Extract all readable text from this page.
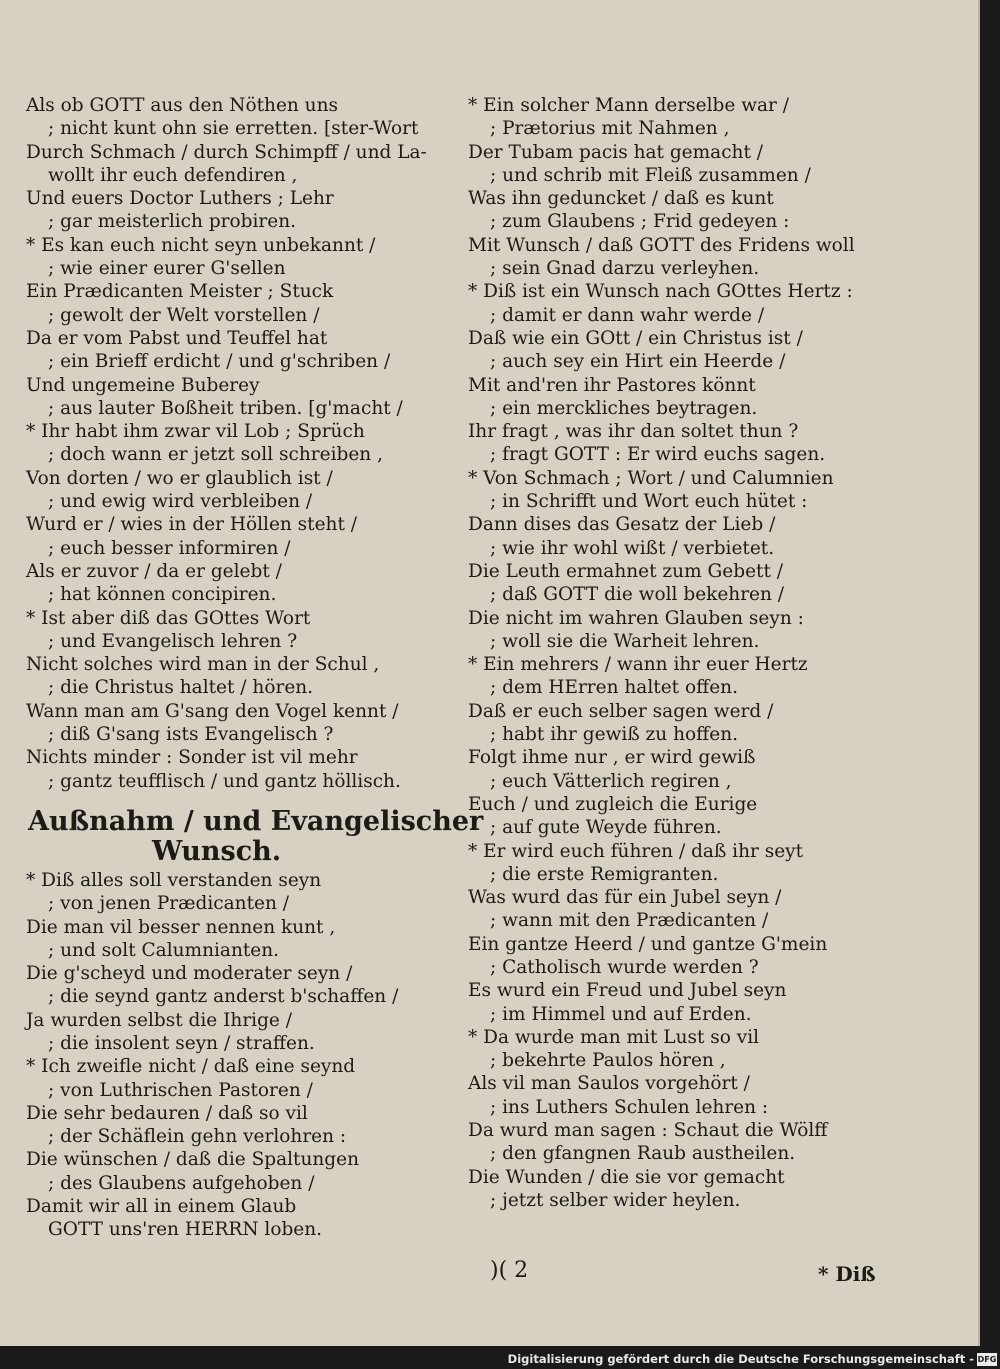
Als ob GOTT aus den Nöthen uns
; nicht kunt ohn sie erretten. [ster-Wort
Durch Schmach / durch Schimpff / und La-
wollt ihr euch defendiren ,
Und euers Doctor Luthers ; Lehr
; gar meisterlich probiren.
* Es kan euch nicht seyn unbekannt /
; wie einer eurer G'sellen
Ein Prædicanten Meister ; Stuck
; gewolt der Welt vorstellen /
Da er vom Pabst und Teuffel hat
; ein Brieff erdicht / und g'schriben /
Und ungemeine Buberey
; aus lauter Boßheit triben. [g'macht /
* Ihr habt ihm zwar vil Lob ; Sprüch
; doch wann er jetzt soll schreiben ,
Von dorten / wo er glaublich ist /
; und ewig wird verbleiben /
Wurd er / wies in der Höllen steht /
; euch besser informiren /
Als er zuvor / da er gelebt /
; hat können concipiren.
* Ist aber diß das GOttes Wort
; und Evangelisch lehren ?
Nicht solches wird man in der Schul ,
; die Christus haltet / hören.
Wann man am G'sang den Vogel kennt /
; diß G'sang ists Evangelisch ?
Nichts minder : Sonder ist vil mehr
; gantz teufflisch / und gantz höllisch.
Außnahm / und Evangelischer
Wunsch.
* Diß alles soll verstanden seyn
; von jenen Prædicanten /
Die man vil besser nennen kunt ,
; und solt Calumnianten.
Die g'scheyd und moderater seyn /
; die seynd gantz anderst b'schaffen /
Ja wurden selbst die Ihrige /
; die insolent seyn / straffen.
* Ich zweifle nicht / daß eine seynd
; von Luthrischen Pastoren /
Die sehr bedauren / daß so vil
; der Schäflein gehn verlohren :
Die wünschen / daß die Spaltungen
; des Glaubens aufgehoben /
Damit wir all in einem Glaub
GOTT uns'ren HERRN loben.
* Ein solcher Mann derselbe war /
; Prætorius mit Nahmen ,
Der Tubam pacis hat gemacht /
; und schrib mit Fleiß zusammen /
Was ihn geduncket / daß es kunt
; zum Glaubens ; Frid gedeyen :
Mit Wunsch / daß GOTT des Fridens woll
; sein Gnad darzu verleyhen.
* Diß ist ein Wunsch nach GOttes Hertz :
; damit er dann wahr werde /
Daß wie ein GOtt / ein Christus ist /
; auch sey ein Hirt ein Heerde /
Mit and'ren ihr Pastores könnt
; ein merckliches beytragen.
Ihr fragt , was ihr dan soltet thun ?
; fragt GOTT : Er wird euchs sagen.
* Von Schmach ; Wort / und Calumnien
; in Schrifft und Wort euch hütet :
Dann dises das Gesatz der Lieb /
; wie ihr wohl wißt / verbietet.
Die Leuth ermahnet zum Gebett /
; daß GOTT die woll bekehren /
Die nicht im wahren Glauben seyn :
; woll sie die Warheit lehren.
* Ein mehrers / wann ihr euer Hertz
; dem HErren haltet offen.
Daß er euch selber sagen werd /
; habt ihr gewiß zu hoffen.
Folgt ihme nur , er wird gewiß
; euch Vätterlich regiren ,
Euch / und zugleich die Eurige
; auf gute Weyde führen.
* Er wird euch führen / daß ihr seyt
; die erste Remigranten.
Was wurd das für ein Jubel seyn /
; wann mit den Prædicanten /
Ein gantze Heerd / und gantze G'mein
; Catholisch wurde werden ?
Es wurd ein Freud und Jubel seyn
; im Himmel und auf Erden.
* Da wurde man mit Lust so vil
; bekehrte Paulos hören ,
Als vil man Saulos vorgehört /
; ins Luthers Schulen lehren :
Da wurd man sagen : Schaut die Wölff
; den gfangnen Raub austheilen.
Die Wunden / die sie vor gemacht
; jetzt selber wider heylen.
)( 2	* Diß
Digitalisierung gefördert durch die Deutsche Forschungsgemeinschaft - DFG
